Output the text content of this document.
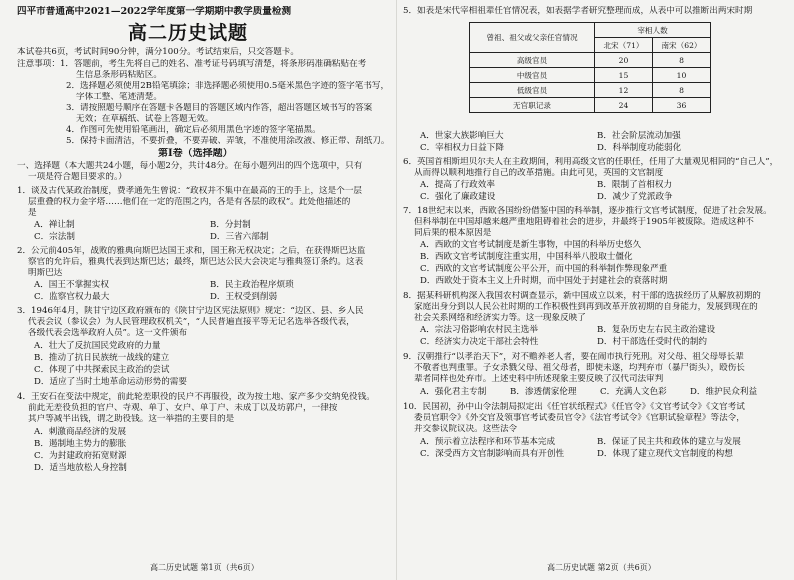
四平市普通高中2021—2022学年度第一学期期中教学质量检测
高二历史试题
本试卷共6页，考试时间90分钟，满分100分。考试结束后，只交答题卡。
注意事项：1．答题前，考生先将自己的姓名、准考证号码填写清楚，将条形码准确粘贴在考
生信息条形码粘贴区。
2．选择题必须使用2B铅笔填涂；非选择题必须使用0.5毫米黑色字迹的签字笔书写，
字体工整、笔迹清楚。
3．请按照题号顺序在答题卡各题目的答题区域内作答，超出答题区域书写的答案
无效；在草稿纸、试卷上答题无效。
4．作图可先使用铅笔画出，确定后必须用黑色字迹的签字笔描黑。
5．保持卡面清洁，不要折叠，不要弄破、弄皱，不准使用涂改液、修正带、刮纸刀。
第Ⅰ卷（选择题）
一、选择题（本大题共24小题，每小题2分，共计48分。在每小题列出的四个选项中，只有
一项是符合题目要求的。）
1．谈及古代某政治制度，费孝通先生曾说：“政权并不集中在最高的王的手上，这是个一层
层重叠的权力金字塔……他们在一定的范围之内，各是有各层的政权”。此处他描述的
是
A．禅让制	B．分封制
C．宗法制	D．三省六部制
2．公元前405年，战败的雅典向斯巴达国王求和，国王称无权决定；之后，在获得斯巴达监
察官的允许后，雅典代表到达斯巴达；最终，斯巴达公民大会决定与雅典签订条约。这表
明斯巴达
A．国王不掌握实权	B．民主政治程序烦琐
C．监察官权力最大	D．王权受到削弱
3．1946年4月，陕甘宁边区政府颁布的《陕甘宁边区宪法原则》规定：“边区、县、乡人民
代表会议（参议会）为人民管理政权机关”，“人民普遍直接平等无记名选举各级代表，
各级代表会选举政府人员”。这一文件颁布
A．壮大了反抗国民党政府的力量
B．推动了抗日民族统一战线的建立
C．体现了中共探索民主政治的尝试
D．适应了当时土地革命运动形势的需要
4．王安石在变法中规定，前此轮差职役的民户不再服役，改为按土地、家产多少交纳免役钱。
前此无差役负担的官户、寺观、单丁、女户、单丁户、未成丁以及坊郭户，一律按
其户等减半出钱，谓之助役钱。这一举措的主要目的是
A．刺激商品经济的发展
B．遏制地主势力的膨胀
C．为封建政府拓宽财源
D．适当地放松人身控制
高二历史试题 第1页（共6页）
5．如表是宋代宰相祖辈任官情况表，如表据学者研究整理而成，从表中可以推断出两宋时期
曾祖、祖父或父亲任官情况	宰相人数	
	北宋（71）	南宋（62）
高级官员	20	8
中级官员	15	10
低级官员	12	8
无官职记录	24	36
A．世家大族影响巨大	B．社会阶层流动加强
C．宰相权力日益下降	D．科举制度功能弱化
6．英国首相斯坦贝尔夫人在主政期间，利用高级文官的任职任，任用了大量观见相同的“自己人”，
从而得以顺利地推行自己的改革措施。由此可见，英国的文官制度
A．提高了行政效率	B．限制了首相权力
C．强化了廉政建设	D．减少了党派政争
7．18世纪末以来，西欧各国纷纷借鉴中国的科举制，逐步推行文官考试制度，促进了社会发展。
但科举制在中国却越来越严重地阻碍着社会的进步，并最终于1905年被废除。造成这种不
同后果的根本原因是
A．西欧的文官考试制度是新生事物，中国的科举历史悠久
B．西欧文官考试制度注重实用，中国科举八股取士僵化
C．西欧的文官考试制度公平公开，而中国的科举制作弊现象严重
D．西欧处于资本主义上升时期，而中国处于封建社会的衰落时期
8．据某科研机构深入我国农村调查显示，新中国成立以来，村干部的选拔经历了从解放初期的
家庭出身分到以人民公社时期的工作积极性到再到改革开放初期的自身能力，发展到现在的
社会关系网络和经济实力等。这一现象反映了
A．宗法习俗影响农村民主选举	B．复杂历史左右民主政治建设
C．经济实力决定干部社会特性	D．村干部选任受时代的制约
9．汉朝推行“以孝治天下”，对不赡养老人者，要在闹市执行死刑。对父母、祖父母辱长辈
不敬者也判重罪。子女杀戮父母、祖父母者，即使未遂，均判弃市（暴尸街头），殴伤长
辈者同样也处弃市。上述史料中所述现象主要反映了汉代司法审判
A．强化君主专制	B．渗透儒家伦理	C．充满人文色彩	D．维护民众利益
10．民国初，孙中山令法制局拟定出《任官状纸程式》《任官令》《文官考试令》《文官考试
委员官职令》《外交官及领事官考试委员官令》《法官考试令》《官职试验章程》等法令，
并交参议院议决。这些法令
A．预示着立法程序和环节基本完成	B．保证了民主共和政体的建立与发展
C．深受西方文官制影响而具有开创性	D．体现了建立现代文官制度的构想
高二历史试题 第2页（共6页）
